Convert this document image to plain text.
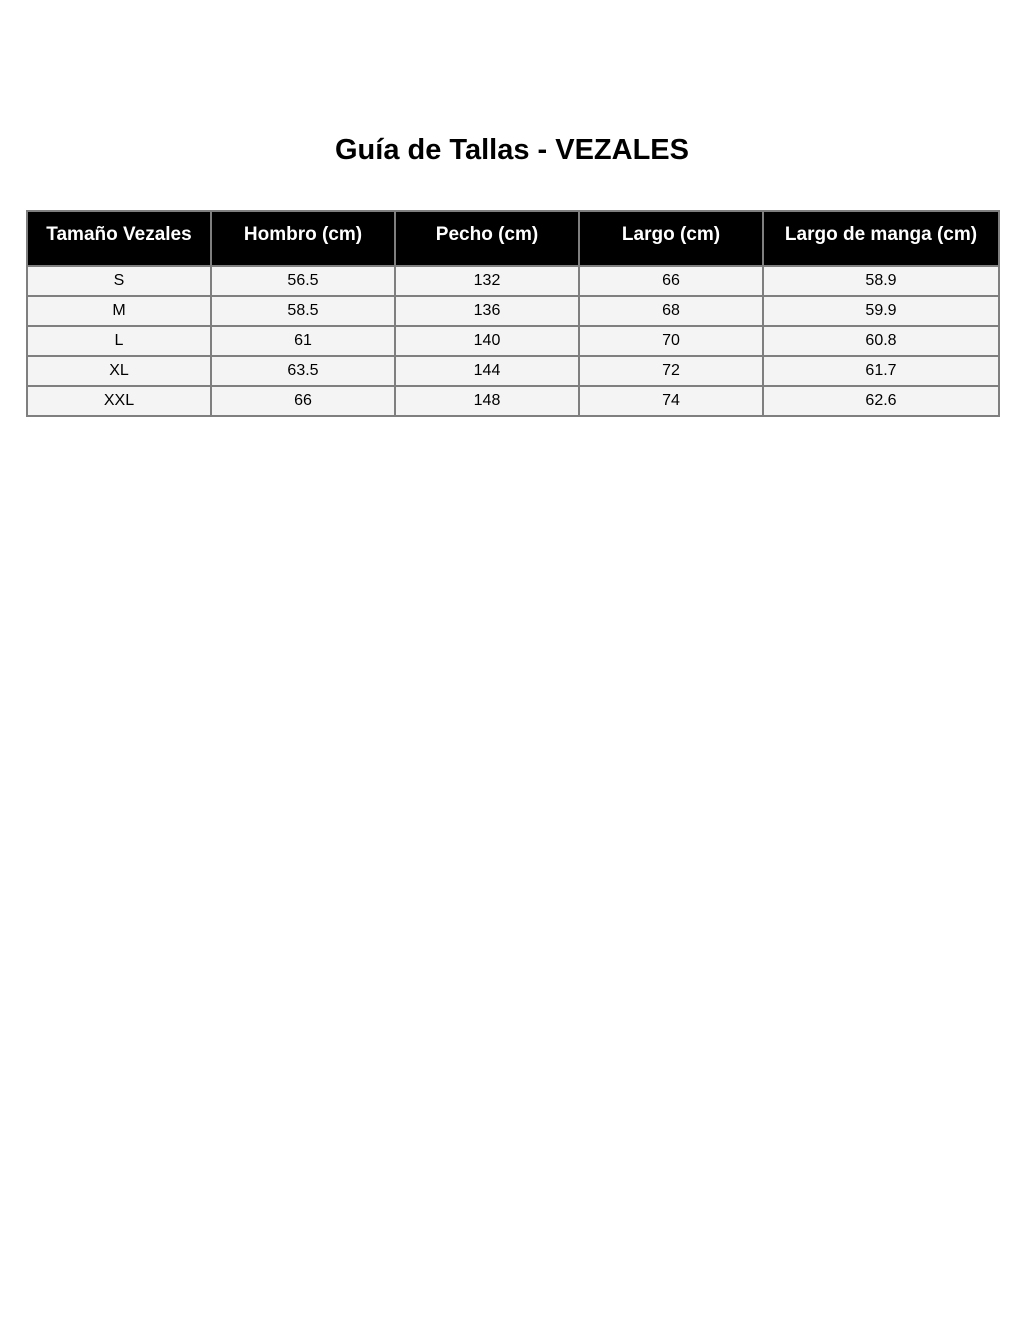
Guía de Tallas - VEZALES
Tamaño Vezales	Hombro (cm)	Pecho (cm)	Largo (cm)	Largo de manga (cm)
S	56.5	132	66	58.9
M	58.5	136	68	59.9
L	61	140	70	60.8
XL	63.5	144	72	61.7
XXL	66	148	74	62.6
